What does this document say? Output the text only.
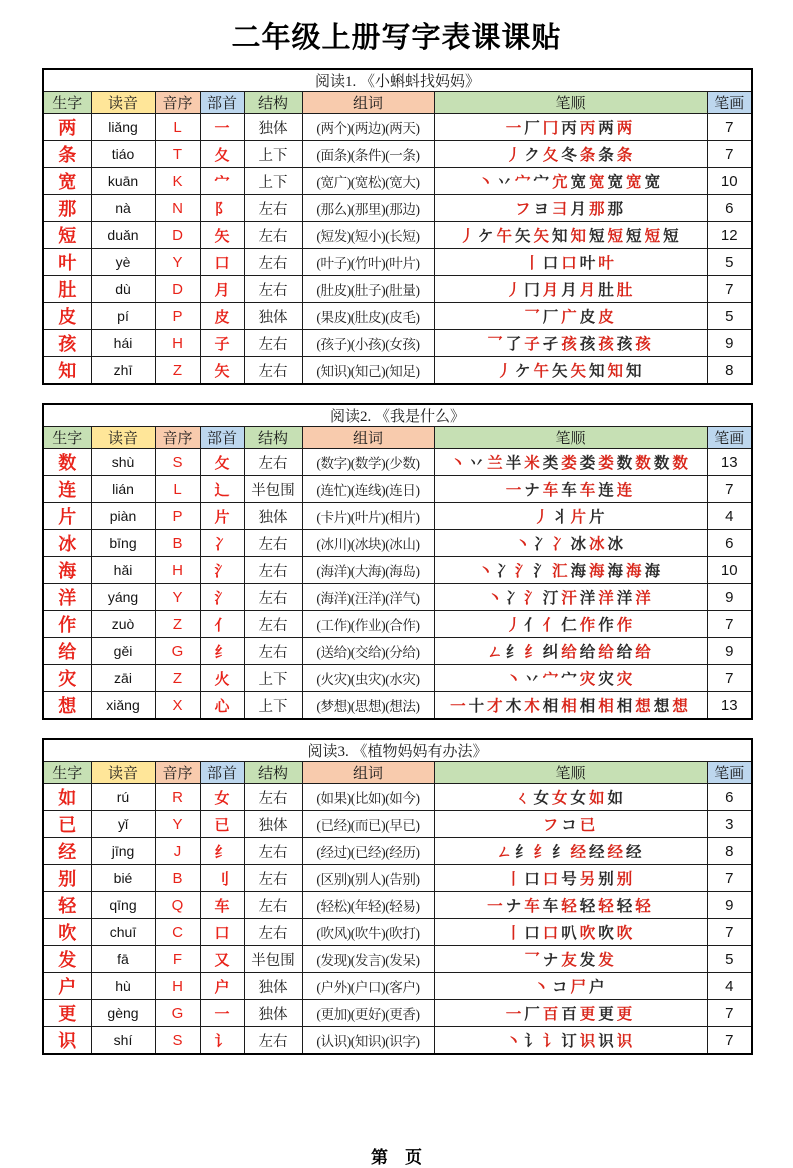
二年级上册写字表课课贴
阅读1. 《小蝌蚪找妈妈》							
生字	读音	音序	部首	结构	组词	笔顺	笔画
两	liǎng	L	一	独体	(两个)(两边)(两天)	一 厂 冂 丙 丙 两 两	7
条	tiáo	T	夂	上下	(面条)(条件)(一条)	丿 ク 夂 冬 条 条 条	7
宽	kuān	K	宀	上下	(宽广)(宽松)(宽大)	丶 丷 宀 宀 宂 宽 宽 宽 宽 宽	10
那	nà	N	阝	左右	(那么)(那里)(那边)	フ ヨ 彐 月 那 那	6
短	duǎn	D	矢	左右	(短发)(短小)(长短)	丿 ケ 午 矢 矢 知 知 短 短 短 短 短	12
叶	yè	Y	口	左右	(叶子)(竹叶)(叶片)	丨 口 口 叶 叶	5
肚	dù	D	月	左右	(肚皮)(肚子)(肚量)	丿 冂 月 月 月 肚 肚	7
皮	pí	P	皮	独体	(果皮)(肚皮)(皮毛)	乛 厂 广 皮 皮	5
孩	hái	H	子	左右	(孩子)(小孩)(女孩)	乛 了 子 孑 孩 孩 孩 孩 孩	9
知	zhī	Z	矢	左右	(知识)(知己)(知足)	丿 ケ 午 矢 矢 知 知 知	8
阅读2. 《我是什么》							
生字	读音	音序	部首	结构	组词	笔顺	笔画
数	shù	S	攵	左右	(数字)(数学)(少数)	丶 丷 兰 半 米 类 娄 娄 娄 数 数 数 数	13
连	lián	L	辶	半包围	(连忙)(连线)(连日)	一 ナ 车 车 车 连 连	7
片	piàn	P	片	独体	(卡片)(叶片)(相片)	丿 丬 片 片	4
冰	bīng	B	冫	左右	(冰川)(冰块)(冰山)	丶 冫 冫 冰 冰 冰	6
海	hǎi	H	氵	左右	(海洋)(大海)(海岛)	丶 冫 氵 氵 汇 海 海 海 海 海	10
洋	yáng	Y	氵	左右	(海洋)(汪洋)(洋气)	丶 冫 氵 汀 汗 洋 洋 洋 洋	9
作	zuò	Z	亻	左右	(工作)(作业)(合作)	丿 亻 亻 仁 作 作 作	7
给	gěi	G	纟	左右	(送给)(交给)(分给)	ㄥ 纟 纟 纠 给 给 给 给 给	9
灾	zāi	Z	火	上下	(火灾)(虫灾)(水灾)	丶 丷 宀 宀 灾 灾 灾	7
想	xiǎng	X	心	上下	(梦想)(思想)(想法)	一 十 才 木 木 相 相 相 相 相 想 想 想	13
阅读3. 《植物妈妈有办法》							
生字	读音	音序	部首	结构	组词	笔顺	笔画
如	rú	R	女	左右	(如果)(比如)(如今)	ㄑ 女 女 女 如 如	6
已	yǐ	Y	已	独体	(已经)(而已)(早已)	フ コ 已	3
经	jīng	J	纟	左右	(经过)(已经)(经历)	ㄥ 纟 纟 纟 经 经 经 经	8
别	bié	B	刂	左右	(区别)(别人)(告别)	丨 口 口 号 另 别 别	7
轻	qīng	Q	车	左右	(轻松)(年轻)(轻易)	一 ナ 车 车 轻 轻 轻 轻 轻	9
吹	chuī	C	口	左右	(吹风)(吹牛)(吹打)	丨 口 口 叭 吹 吹 吹	7
发	fā	F	又	半包围	(发现)(发言)(发呆)	乛 ナ 友 发 发	5
户	hù	H	户	独体	(户外)(户口)(客户)	丶 コ 尸 户	4
更	gèng	G	一	独体	(更加)(更好)(更香)	一 厂 百 百 更 更 更	7
识	shí	S	讠	左右	(认识)(知识)(识字)	丶 讠 讠 订 识 识 识	7
第　页
